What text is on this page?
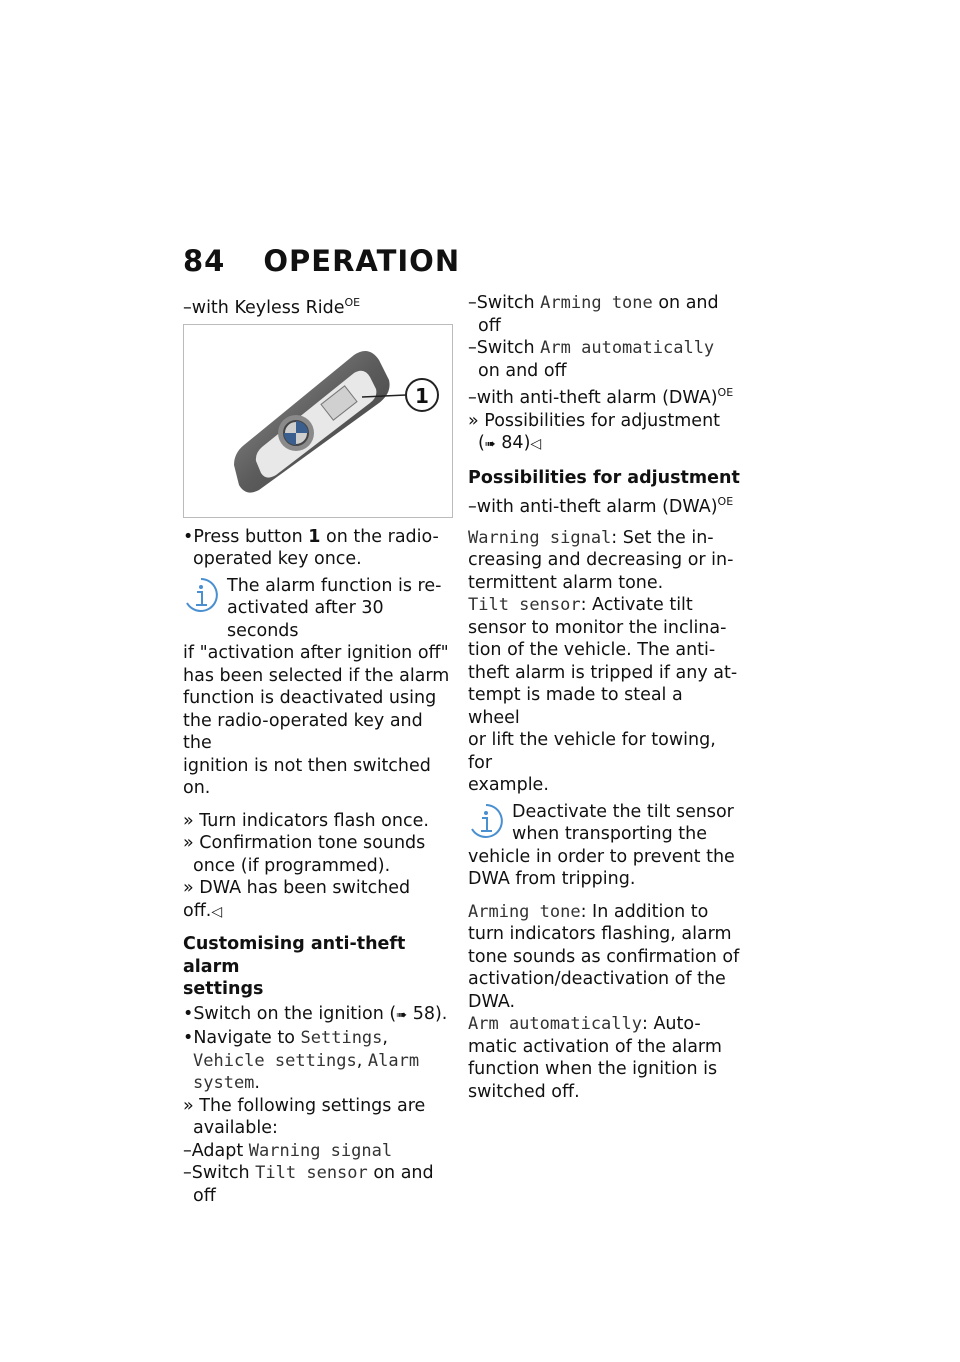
84 OPERATION
–with Keyless Ride$^{OE}$
1
•Press button 1 on the radio-
operated key once.
The alarm function is re-
activated after 30 seconds
if "activation after ignition off"
has been selected if the alarm
function is deactivated using
the radio-operated key and the
ignition is not then switched
on.
» Turn indicators flash once.
» Confirmation tone sounds
once (if programmed).
» DWA has been switched off.◁
Customising anti-theft alarm
settings
•Switch on the ignition (➠ 58).
•Navigate to Settings,
Vehicle settings, Alarm
system.
» The following settings are
available:
–Adapt Warning signal
–Switch Tilt sensor on and
off
–Switch Arming tone on and
off
–Switch Arm automatically
on and off
–with anti-theft alarm (DWA)$^{OE}$
» Possibilities for adjustment
(➠ 84)◁
Possibilities for adjustment
–with anti-theft alarm (DWA)$^{OE}$
Warning signal: Set the in-
creasing and decreasing or in-
termittent alarm tone.
Tilt sensor: Activate tilt
sensor to monitor the inclina-
tion of the vehicle. The anti-
theft alarm is tripped if any at-
tempt is made to steal a wheel
or lift the vehicle for towing, for
example.
Deactivate the tilt sensor
when transporting the
vehicle in order to prevent the
DWA from tripping.
Arming tone: In addition to
turn indicators flashing, alarm
tone sounds as confirmation of
activation/deactivation of the
DWA.
Arm automatically: Auto-
matic activation of the alarm
function when the ignition is
switched off.
